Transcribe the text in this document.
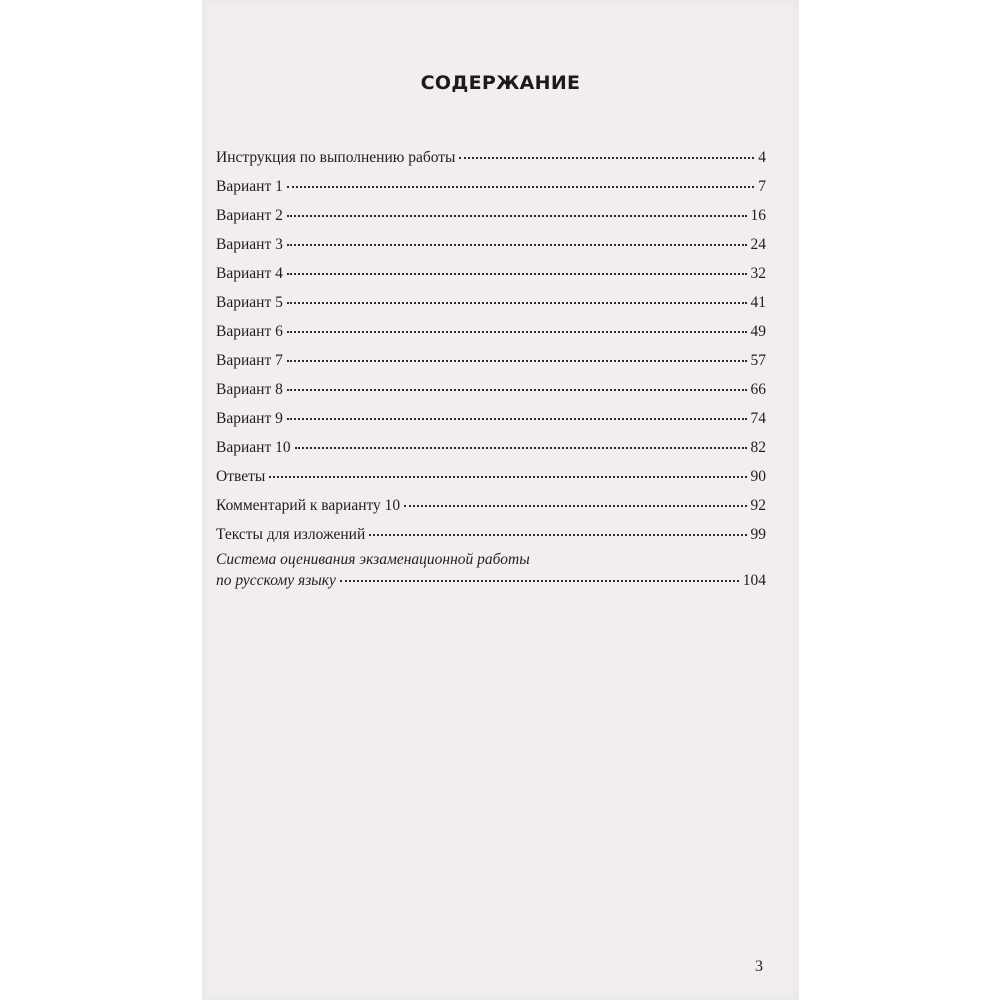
СОДЕРЖАНИЕ
Инструкция по выполнению работы	4
Вариант 1	7
Вариант 2	16
Вариант 3	24
Вариант 4	32
Вариант 5	41
Вариант 6	49
Вариант 7	57
Вариант 8	66
Вариант 9	74
Вариант 10	82
Ответы	90
Комментарий к варианту 10	92
Тексты для изложений	99
Система оценивания экзаменационной работы
по русскому языку	104
3
